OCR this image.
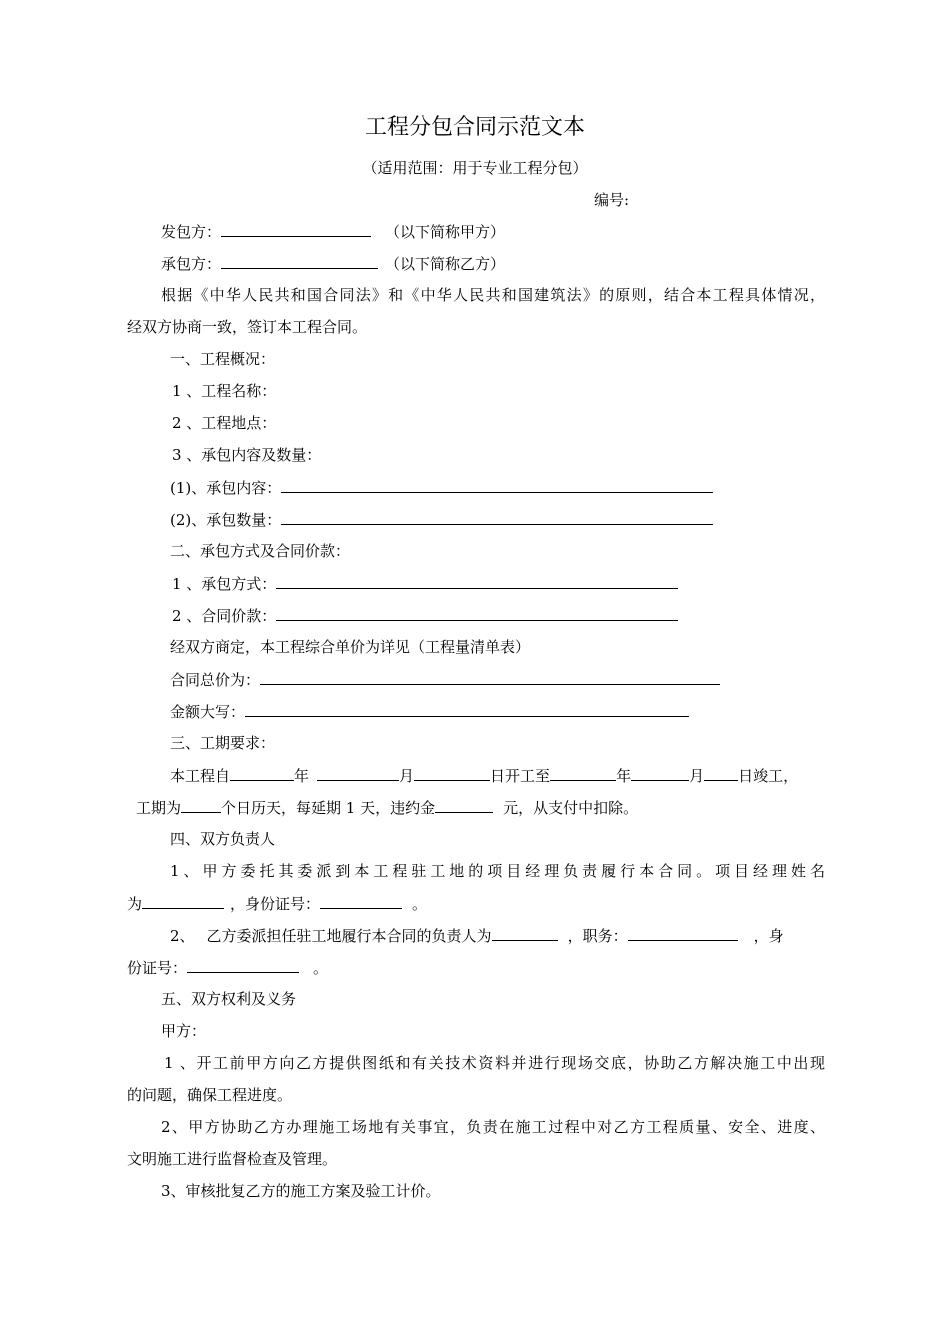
工程分包合同示范文本
（适用范围：用于专业工程分包）
编号:
发包方：	（以下简称甲方）
承包方：	（以下简称乙方）
根据《中华人民共和国合同法》和《中华人民共和国建筑法》的原则，结合本工程具体情况，
经双方协商一致，签订本工程合同。
一、工程概况：
1 、工程名称：
2 、工程地点：
3 、承包内容及数量：
(1)、承包内容：
(2)、承包数量：
二、承包方式及合同价款：
1 、承包方式：
2 、合同价款：
经双方商定，本工程综合单价为详见（工程量清单表）
合同总价为：
金额大写：
三、工期要求：
本工程自	年	月	日开工至	年	月 日竣工，
工期为	个日历天，每延期 1 天，违约金	元，从支付中扣除。
四、双方负责人
1、甲方委托其委派到本工程驻工地的项目经理负责履行本合同。项目经理姓名
为	，身份证号：	。
2、 乙方委派担任驻工地履行本合同的负责人为	，职务：	，身
份证号：	。
五、双方权利及义务
甲方：
1 、开工前甲方向乙方提供图纸和有关技术资料并进行现场交底，协助乙方解决施工中出现
的问题，确保工程进度。
2、甲方协助乙方办理施工场地有关事宜，负责在施工过程中对乙方工程质量、安全、进度、
文明施工进行监督检查及管理。
3、审核批复乙方的施工方案及验工计价。
